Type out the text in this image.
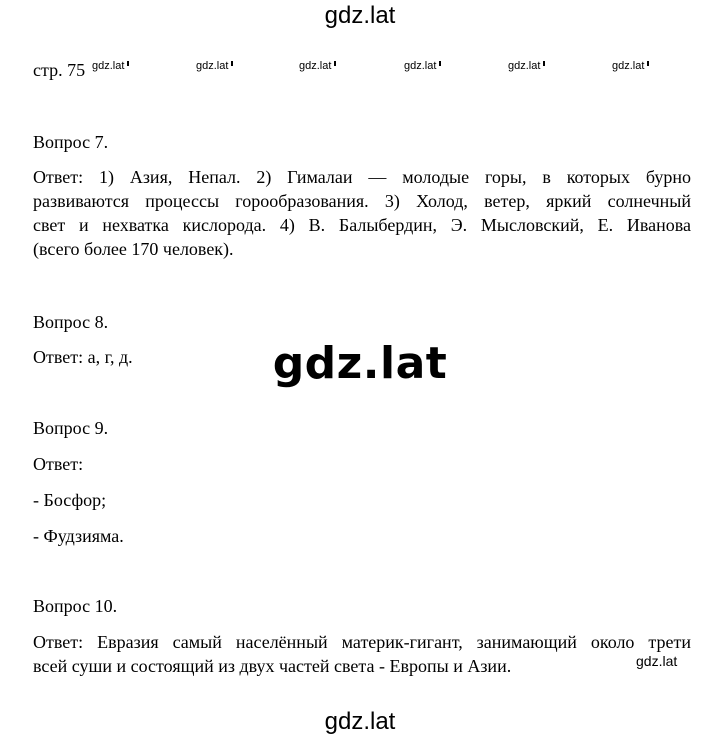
gdz.lat
стр. 75 gdz.lat	gdz.lat	gdz.lat	gdz.lat	gdz.lat	gdz.lat
Вопрос 7.
Ответ: 1) Азия, Непал. 2) Гималаи — молодые горы, в которых бурно
развиваются процессы горообразования. 3) Холод, ветер, яркий солнечный
свет и нехватка кислорода. 4) В. Балыбердин, Э. Мысловский, Е. Иванова
(всего более 170 человек).
Вопрос 8.
Ответ: а, г, д.	gdz.lat
Вопрос 9.
Ответ:
- Босфор;
- Фудзияма.
Вопрос 10.
Ответ: Евразия самый населённый материк-гигант, занимающий около трети
всей суши и состоящий из двух частей света - Европы и Азии.	gdz.lat
gdz.lat
